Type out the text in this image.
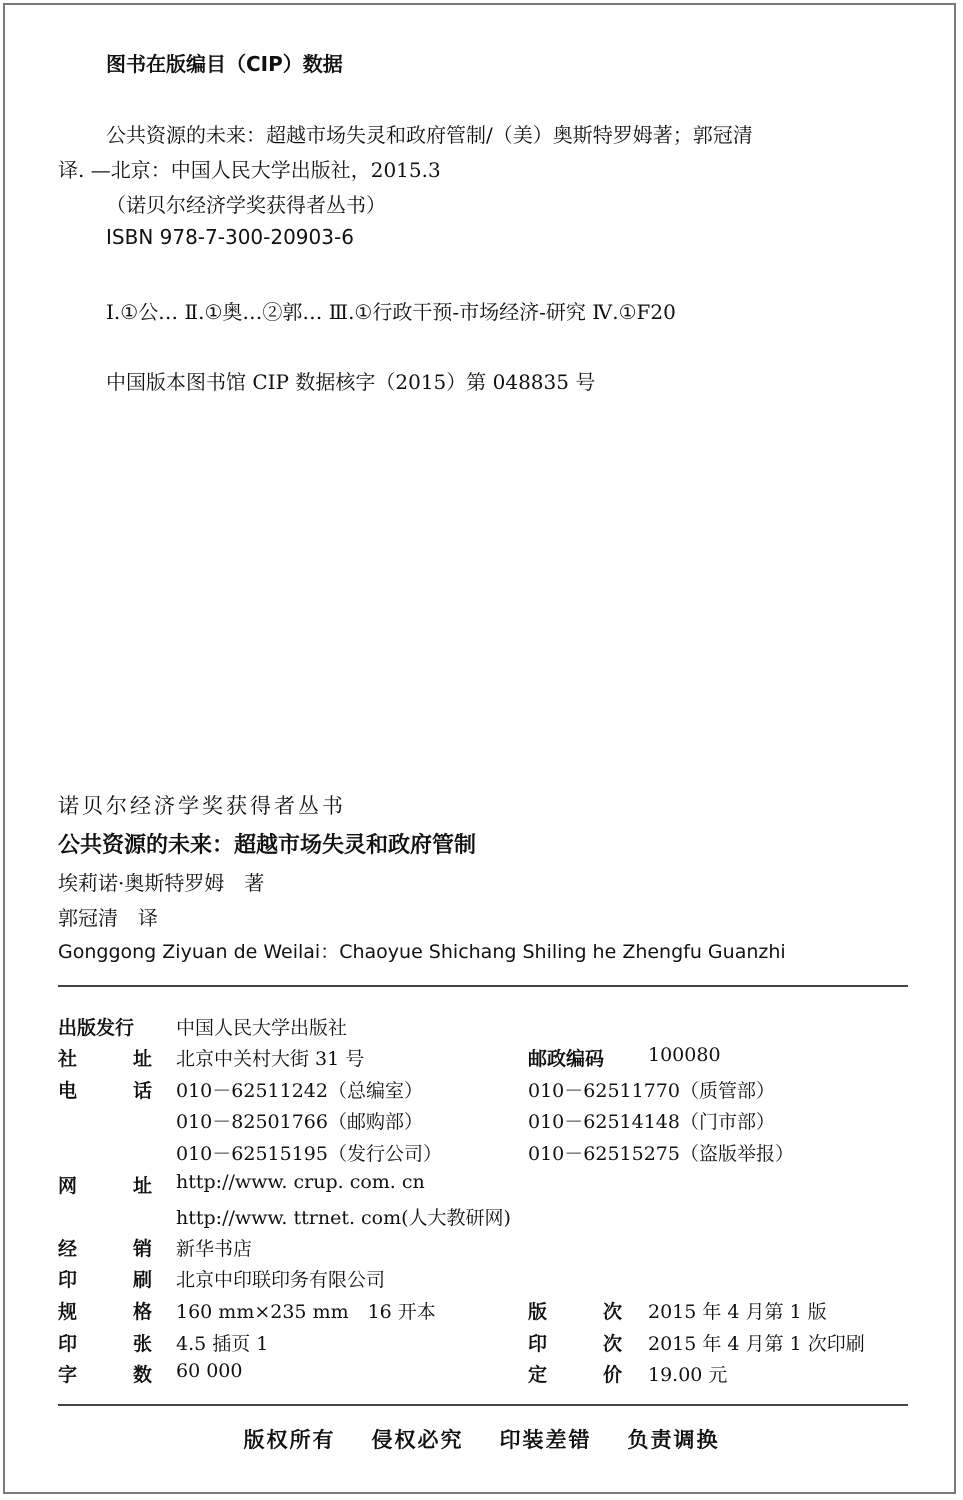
图书在版编目（CIP）数据
公共资源的未来：超越市场失灵和政府管制/（美）奥斯特罗姆著；郭冠清
译. —北京：中国人民大学出版社，2015.3
（诺贝尔经济学奖获得者丛书）
ISBN 978-7-300-20903-6
Ⅰ.①公… Ⅱ.①奥…②郭… Ⅲ.①行政干预-市场经济-研究 Ⅳ.①F20
中国版本图书馆 CIP 数据核字（2015）第 048835 号
诺贝尔经济学奖获得者丛书
公共资源的未来：超越市场失灵和政府管制
埃莉诺·奥斯特罗姆　著
郭冠清　译
Gonggong Ziyuan de Weilai：Chaoyue Shichang Shiling he Zhengfu Guanzhi
出版发行 中国人民大学出版社
社	址 北京中关村大街 31 号	邮政编码 100080
电	话 010－62511242（总编室）	010－62511770（质管部）
010－82501766（邮购部）	010－62514148（门市部）
010－62515195（发行公司）	010－62515275（盗版举报）
网	址 http://www. crup. com. cn
http://www. ttrnet. com(人大教研网)
经	销 新华书店
印	刷 北京中印联印务有限公司
规	格 160 mm×235 mm　16 开本	版	次 2015 年 4 月第 1 版
印	张 4.5 插页 1	印	次 2015 年 4 月第 1 次印刷
字	数 60 000	定	价 19.00 元
版权所有 侵权必究 印装差错 负责调换
